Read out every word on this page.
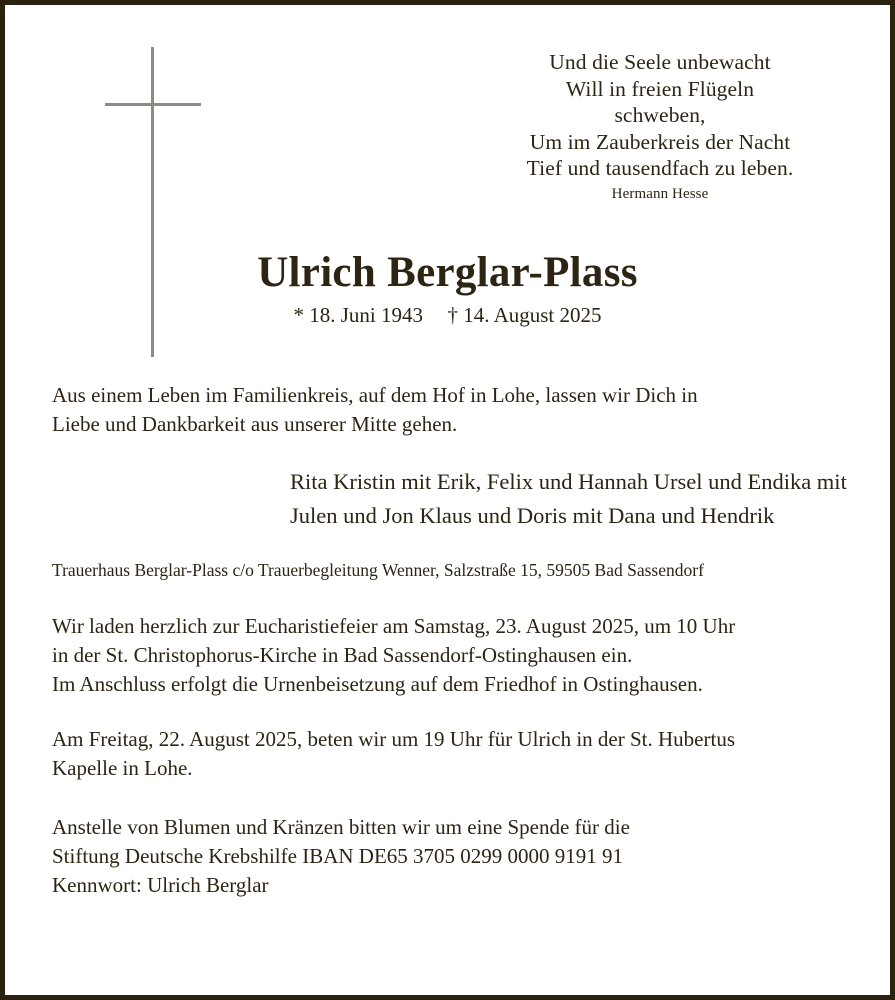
Und die Seele unbewacht
Will in freien Flügeln
schweben,
Um im Zauberkreis der Nacht
Tief und tausendfach zu leben.
Hermann Hesse
Ulrich Berglar-Plass
* 18. Juni 1943 † 14. August 2025
Aus einem Leben im Familienkreis, auf dem Hof in Lohe, lassen wir Dich in
Liebe und Dankbarkeit aus unserer Mitte gehen.
Rita Kristin mit Erik, Felix und Hannah Ursel und Endika mit Julen und Jon Klaus und Doris mit Dana und Hendrik
Trauerhaus Berglar-Plass c/o Trauerbegleitung Wenner, Salzstraße 15, 59505 Bad Sassendorf
Wir laden herzlich zur Eucharistiefeier am Samstag, 23. August 2025, um 10 Uhr
in der St. Christophorus-Kirche in Bad Sassendorf-Ostinghausen ein.
Im Anschluss erfolgt die Urnenbeisetzung auf dem Friedhof in Ostinghausen.
Am Freitag, 22. August 2025, beten wir um 19 Uhr für Ulrich in der St. Hubertus
Kapelle in Lohe.
Anstelle von Blumen und Kränzen bitten wir um eine Spende für die
Stiftung Deutsche Krebshilfe IBAN DE65 3705 0299 0000 9191 91
Kennwort: Ulrich Berglar
